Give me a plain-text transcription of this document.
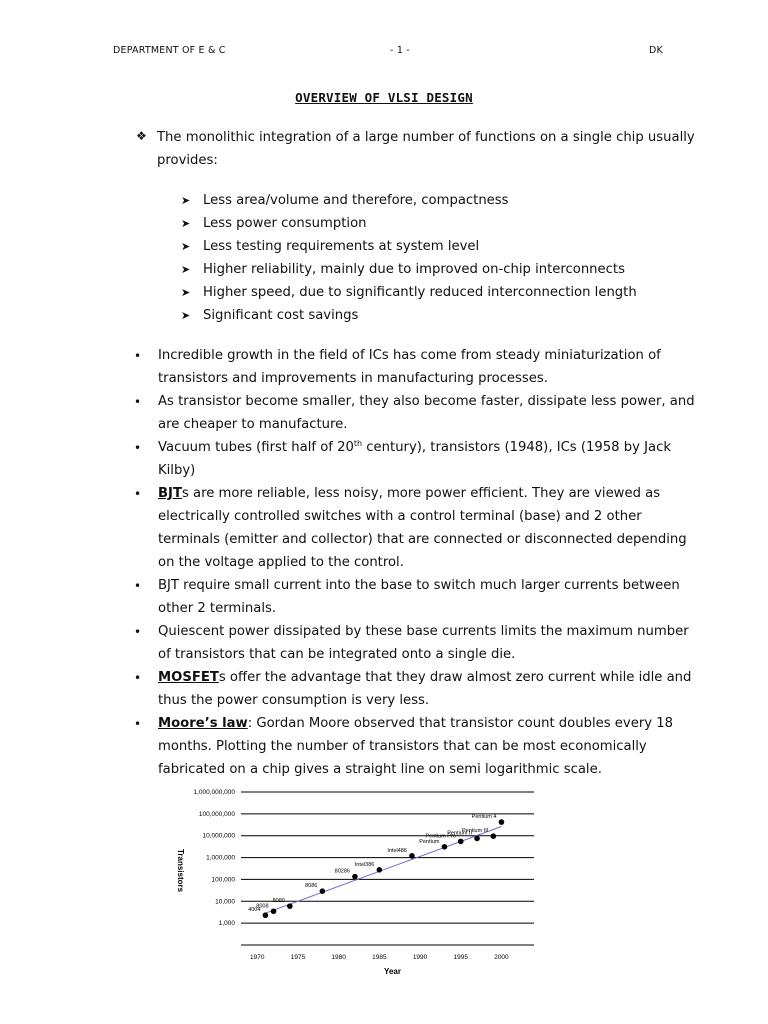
DEPARTMENT OF E & C	- 1 -	DK
OVERVIEW OF VLSI DESIGN
❖ The monolithic integration of a large number of functions on a single chip usually
provides:
➤ Less area/volume and therefore, compactness
➤ Less power consumption
➤ Less testing requirements at system level
➤ Higher reliability, mainly due to improved on-chip interconnects
➤ Higher speed, due to significantly reduced interconnection length
➤ Significant cost savings
• Incredible growth in the field of ICs has come from steady miniaturization of
transistors and improvements in manufacturing processes.
• As transistor become smaller, they also become faster, dissipate less power, and
are cheaper to manufacture.
• Vacuum tubes (first half of 20th century), transistors (1948), ICs (1958 by Jack
Kilby)
• BJTs are more reliable, less noisy, more power efficient. They are viewed as
electrically controlled switches with a control terminal (base) and 2 other
terminals (emitter and collector) that are connected or disconnected depending
on the voltage applied to the control.
• BJT require small current into the base to switch much larger currents between
other 2 terminals.
• Quiescent power dissipated by these base currents limits the maximum number
of transistors that can be integrated onto a single die.
• MOSFETs offer the advantage that they draw almost zero current while idle and
thus the power consumption is very less.
• Moore’s law: Gordan Moore observed that transistor count doubles every 18
months. Plotting the number of transistors that can be most economically
fabricated on a chip gives a straight line on semi logarithmic scale.
1,000,000,000
100,000,000
10,000,000
1,000,000
100,000
10,000
1,000
1970	1975	1980	1985	1990	1995	2000
Year
Transistors
4004
8008
8080
8086
80286
Intel386
Intel486
Pentium
Pentium Pro
Pentium II
Pentium III
Pentium 4
